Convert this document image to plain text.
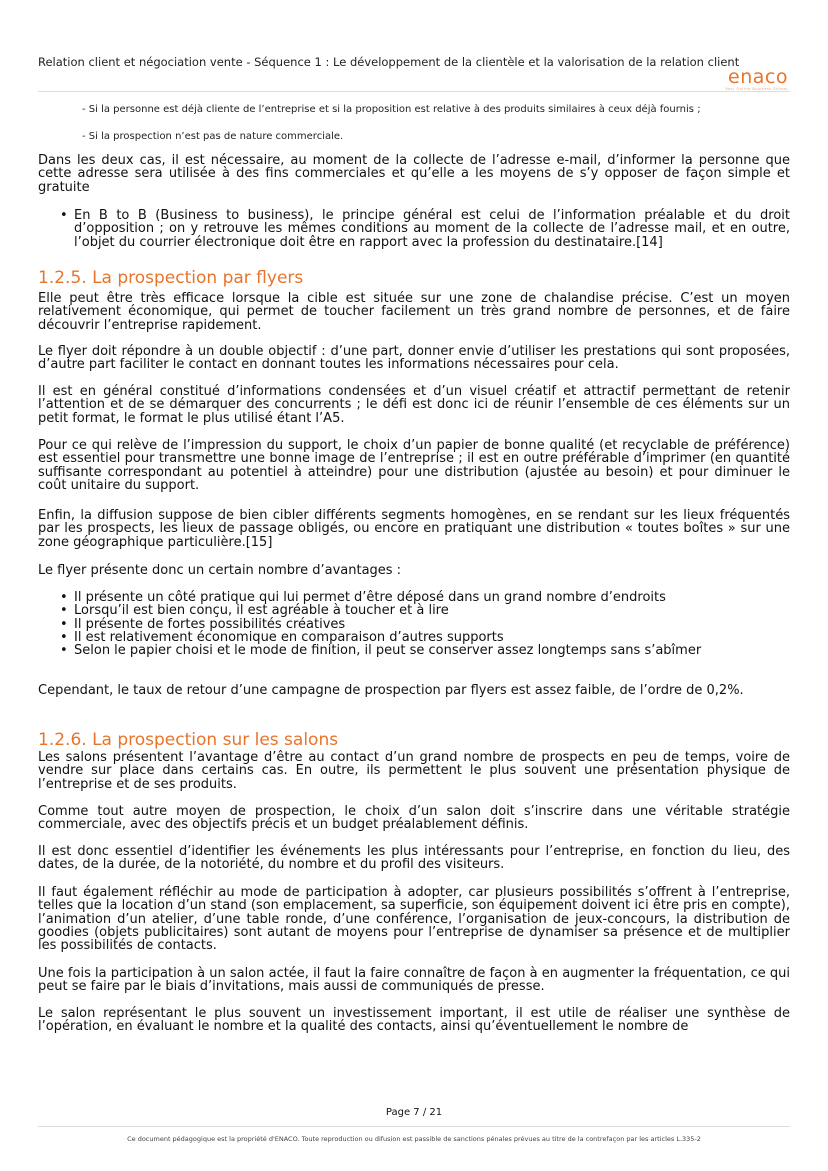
Relation client et négociation vente - Séquence 1 : Le développement de la clientèle et la valorisation de la relation client
enaco
Your Online Business School
- Si la personne est déjà cliente de l’entreprise et si la proposition est relative à des produits similaires à ceux déjà fournis ;
- Si la prospection n’est pas de nature commerciale.
Dans les deux cas, il est nécessaire, au moment de la collecte de l’adresse e-mail, d’informer la personne que cette adresse sera utilisée à des fins commerciales et qu’elle a les moyens de s’y opposer de façon simple et gratuite
• En B to B (Business to business), le principe général est celui de l’information préalable et du droit d’opposition ; on y retrouve les mêmes conditions au moment de la collecte de l’adresse mail, et en outre, l’objet du courrier électronique doit être en rapport avec la profession du destinataire.[14]
1.2.5. La prospection par flyers
Elle peut être très efficace lorsque la cible est située sur une zone de chalandise précise. C’est un moyen relativement économique, qui permet de toucher facilement un très grand nombre de personnes, et de faire découvrir l’entreprise rapidement.
Le flyer doit répondre à un double objectif : d’une part, donner envie d’utiliser les prestations qui sont proposées, d’autre part faciliter le contact en donnant toutes les informations nécessaires pour cela.
Il est en général constitué d’informations condensées et d’un visuel créatif et attractif permettant de retenir l’attention et de se démarquer des concurrents ; le défi est donc ici de réunir l’ensemble de ces éléments sur un petit format, le format le plus utilisé étant l’A5.
Pour ce qui relève de l’impression du support, le choix d’un papier de bonne qualité (et recyclable de préférence) est essentiel pour transmettre une bonne image de l’entreprise ; il est en outre préférable d’imprimer (en quantité suffisante correspondant au potentiel à atteindre) pour une distribution (ajustée au besoin) et pour diminuer le coût unitaire du support.
Enfin, la diffusion suppose de bien cibler différents segments homogènes, en se rendant sur les lieux fréquentés par les prospects, les lieux de passage obligés, ou encore en pratiquant une distribution « toutes boîtes » sur une zone géographique particulière.[15]
Le flyer présente donc un certain nombre d’avantages :
• Il présente un côté pratique qui lui permet d’être déposé dans un grand nombre d’endroits
• Lorsqu’il est bien conçu, il est agréable à toucher et à lire
• Il présente de fortes possibilités créatives
• Il est relativement économique en comparaison d’autres supports
• Selon le papier choisi et le mode de finition, il peut se conserver assez longtemps sans s’abîmer
Cependant, le taux de retour d’une campagne de prospection par flyers est assez faible, de l’ordre de 0,2%.
1.2.6. La prospection sur les salons
Les salons présentent l’avantage d’être au contact d’un grand nombre de prospects en peu de temps, voire de vendre sur place dans certains cas. En outre, ils permettent le plus souvent une présentation physique de l’entreprise et de ses produits.
Comme tout autre moyen de prospection, le choix d’un salon doit s’inscrire dans une véritable stratégie commerciale, avec des objectifs précis et un budget préalablement définis.
Il est donc essentiel d’identifier les événements les plus intéressants pour l’entreprise, en fonction du lieu, des dates, de la durée, de la notoriété, du nombre et du profil des visiteurs.
Il faut également réfléchir au mode de participation à adopter, car plusieurs possibilités s’offrent à l’entreprise, telles que la location d’un stand (son emplacement, sa superficie, son équipement doivent ici être pris en compte), l’animation d’un atelier, d’une table ronde, d’une conférence, l’organisation de jeux-concours, la distribution de goodies (objets publicitaires) sont autant de moyens pour l’entreprise de dynamiser sa présence et de multiplier les possibilités de contacts.
Une fois la participation à un salon actée, il faut la faire connaître de façon à en augmenter la fréquentation, ce qui peut se faire par le biais d’invitations, mais aussi de communiqués de presse.
Le salon représentant le plus souvent un investissement important, il est utile de réaliser une synthèse de l’opération, en évaluant le nombre et la qualité des contacts, ainsi qu’éventuellement le nombre de
Page 7 / 21
Ce document pédagogique est la propriété d'ENACO. Toute reproduction ou difusion est passible de sanctions pénales prévues au titre de la contrefaçon par les articles L.335-2
